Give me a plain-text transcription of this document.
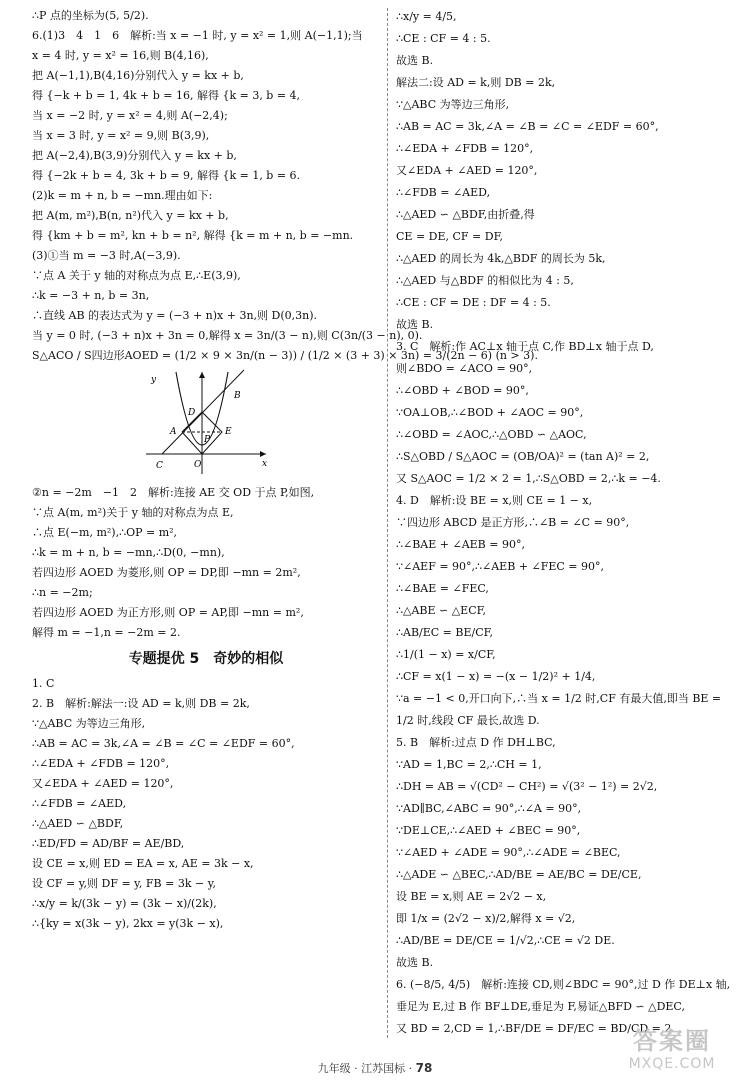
∴P 点的坐标为(5, 5/2).
6.(1)3　4　1　6　解析:当 x = −1 时, y = x² = 1,则 A(−1,1);当
x = 4 时, y = x² = 16,则 B(4,16),
把 A(−1,1),B(4,16)分别代入 y = kx + b,
得 {−k + b = 1, 4k + b = 16, 解得 {k = 3, b = 4,
当 x = −2 时, y = x² = 4,则 A(−2,4);
当 x = 3 时, y = x² = 9,则 B(3,9),
把 A(−2,4),B(3,9)分别代入 y = kx + b,
得 {−2k + b = 4, 3k + b = 9, 解得 {k = 1, b = 6.
(2)k = m + n, b = −mn.理由如下:
把 A(m, m²),B(n, n²)代入 y = kx + b,
得 {km + b = m², kn + b = n², 解得 {k = m + n, b = −mn.
(3)①当 m = −3 时,A(−3,9).
∵点 A 关于 y 轴的对称点为点 E,∴E(3,9),
∴k = −3 + n, b = 3n,
∴直线 AB 的表达式为 y = (−3 + n)x + 3n,则 D(0,3n).
当 y = 0 时, (−3 + n)x + 3n = 0,解得 x = 3n/(3 − n),则 C(3n/(3 − n), 0).
S△ACO / S四边形AOED = (1/2 × 9 × 3n/(n − 3)) / (1/2 × (3 + 3) × 3n) = 3/(2n − 6) (n > 3).
y
x
A
B
C
D
E
P
O
②n = −2m　−1　2　解析:连接 AE 交 OD 于点 P,如图,
∵点 A(m, m²)关于 y 轴的对称点为点 E,
∴点 E(−m, m²),∴OP = m²,
∴k = m + n, b = −mn,∴D(0, −mn),
若四边形 AOED 为菱形,则 OP = DP,即 −mn = 2m²,
∴n = −2m;
若四边形 AOED 为正方形,则 OP = AP,即 −mn = m²,
解得 m = −1,n = −2m = 2.
专题提优 5　奇妙的相似
1. C
2. B　解析:解法一:设 AD = k,则 DB = 2k,
∵△ABC 为等边三角形,
∴AB = AC = 3k,∠A = ∠B = ∠C = ∠EDF = 60°,
∴∠EDA + ∠FDB = 120°,
又∠EDA + ∠AED = 120°,
∴∠FDB = ∠AED,
∴△AED ∽ △BDF,
∴ED/FD = AD/BF = AE/BD,
设 CE = x,则 ED = EA = x, AE = 3k − x,
设 CF = y,则 DF = y, FB = 3k − y,
∴x/y = k/(3k − y) = (3k − x)/(2k),
∴{ky = x(3k − y), 2kx = y(3k − x),
∴x/y = 4/5,
∴CE : CF = 4 : 5.
故选 B.
解法二:设 AD = k,则 DB = 2k,
∵△ABC 为等边三角形,
∴AB = AC = 3k,∠A = ∠B = ∠C = ∠EDF = 60°,
∴∠EDA + ∠FDB = 120°,
又∠EDA + ∠AED = 120°,
∴∠FDB = ∠AED,
∴△AED ∽ △BDF,由折叠,得
CE = DE, CF = DF,
∴△AED 的周长为 4k,△BDF 的周长为 5k,
∴△AED 与△BDF 的相似比为 4 : 5,
∴CE : CF = DE : DF = 4 : 5.
故选 B.
3. C　解析:作 AC⊥x 轴于点 C,作 BD⊥x 轴于点 D,
则∠BDO = ∠ACO = 90°,
∴∠OBD + ∠BOD = 90°,
∵OA⊥OB,∴∠BOD + ∠AOC = 90°,
∴∠OBD = ∠AOC,∴△OBD ∽ △AOC,
∴S△OBD / S△AOC = (OB/OA)² = (tan A)² = 2,
又 S△AOC = 1/2 × 2 = 1,∴S△OBD = 2,∴k = −4.
4. D　解析:设 BE = x,则 CE = 1 − x,
∵四边形 ABCD 是正方形,∴∠B = ∠C = 90°,
∴∠BAE + ∠AEB = 90°,
∵∠AEF = 90°,∴∠AEB + ∠FEC = 90°,
∴∠BAE = ∠FEC,
∴△ABE ∽ △ECF,
∴AB/EC = BE/CF,
∴1/(1 − x) = x/CF,
∴CF = x(1 − x) = −(x − 1/2)² + 1/4,
∵a = −1 < 0,开口向下,∴当 x = 1/2 时,CF 有最大值,即当 BE =
1/2 时,线段 CF 最长,故选 D.
5. B　解析:过点 D 作 DH⊥BC,
∵AD = 1,BC = 2,∴CH = 1,
∴DH = AB = √(CD² − CH²) = √(3² − 1²) = 2√2,
∵AD∥BC,∠ABC = 90°,∴∠A = 90°,
∵DE⊥CE,∴∠AED + ∠BEC = 90°,
∵∠AED + ∠ADE = 90°,∴∠ADE = ∠BEC,
∴△ADE ∽ △BEC,∴AD/BE = AE/BC = DE/CE,
设 BE = x,则 AE = 2√2 − x,
即 1/x = (2√2 − x)/2,解得 x = √2,
∴AD/BE = DE/CE = 1/√2,∴CE = √2 DE.
故选 B.
6. (−8/5, 4/5)　解析:连接 CD,则∠BDC = 90°,过 D 作 DE⊥x 轴,
垂足为 E,过 B 作 BF⊥DE,垂足为 F,易证△BFD ∽ △DEC,
又 BD = 2,CD = 1,∴BF/DE = DF/EC = BD/CD = 2.
九年级 · 江苏国标 · 78
答案圈
MXQE.COM
